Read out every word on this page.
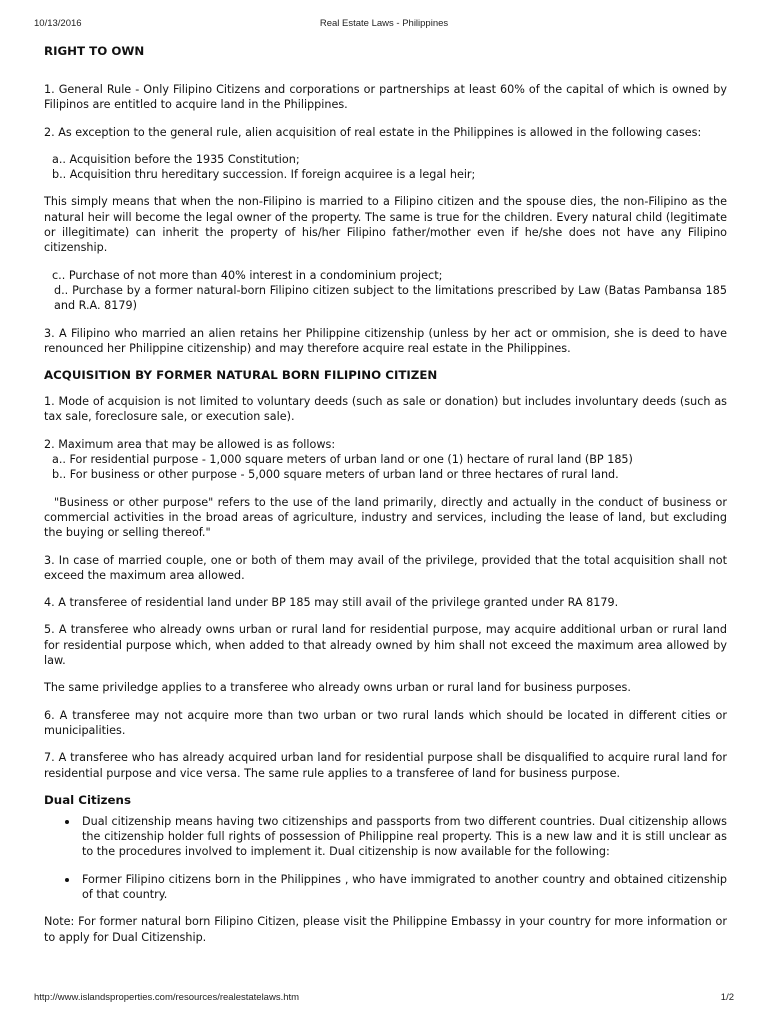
10/13/2016	Real Estate Laws - Philippines
RIGHT TO OWN

1. General Rule - Only Filipino Citizens and corporations or partnerships at least 60% of the capital of which is owned by Filipinos are entitled to acquire land in the Philippines.

2. As exception to the general rule, alien acquisition of real estate in the Philippines is allowed in the following cases:

a.. Acquisition before the 1935 Constitution;

b.. Acquisition thru hereditary succession. If foreign acquiree is a legal heir;

This simply means that when the non-Filipino is married to a Filipino citizen and the spouse dies, the non-Filipino as the natural heir will become the legal owner of the property. The same is true for the children. Every natural child (legitimate or illegitimate) can inherit the property of his/her Filipino father/mother even if he/she does not have any Filipino citizenship.

c.. Purchase of not more than 40% interest in a condominium project;

d.. Purchase by a former natural-born Filipino citizen subject to the limitations prescribed by Law (Batas Pambansa 185 and R.A. 8179)

3. A Filipino who married an alien retains her Philippine citizenship (unless by her act or ommision, she is deed to have renounced her Philippine citizenship) and may therefore acquire real estate in the Philippines.

ACQUISITION BY FORMER NATURAL BORN FILIPINO CITIZEN

1. Mode of acquision is not limited to voluntary deeds (such as sale or donation) but includes involuntary deeds (such as tax sale, foreclosure sale, or execution sale).

2. Maximum area that may be allowed is as follows:

a.. For residential purpose - 1,000 square meters of urban land or one (1) hectare of rural land (BP 185)

b.. For business or other purpose - 5,000 square meters of urban land or three hectares of rural land.

"Business or other purpose" refers to the use of the land primarily, directly and actually in the conduct of business or commercial activities in the broad areas of agriculture, industry and services, including the lease of land, but excluding the buying or selling thereof."

3. In case of married couple, one or both of them may avail of the privilege, provided that the total acquisition shall not exceed the maximum area allowed.

4. A transferee of residential land under BP 185 may still avail of the privilege granted under RA 8179.

5. A transferee who already owns urban or rural land for residential purpose, may acquire additional urban or rural land for residential purpose which, when added to that already owned by him shall not exceed the maximum area allowed by law.

The same priviledge applies to a transferee who already owns urban or rural land for business purposes.

6. A transferee may not acquire more than two urban or two rural lands which should be located in different cities or municipalities.

7. A transferee who has already acquired urban land for residential purpose shall be disqualified to acquire rural land for residential purpose and vice versa. The same rule applies to a transferee of land for business purpose.

Dual Citizens
Dual citizenship means having two citizenships and passports from two different countries. Dual citizenship allows the citizenship holder full rights of possession of Philippine real property. This is a new law and it is still unclear as to the procedures involved to implement it. Dual citizenship is now available for the following:
Former Filipino citizens born in the Philippines , who have immigrated to another country and obtained citizenship of that country.

Note: For former natural born Filipino Citizen, please visit the Philippine Embassy in your country for more information or to apply for Dual Citizenship.

http://www.islandsproperties.com/resources/realestatelaws.htm	1/2
